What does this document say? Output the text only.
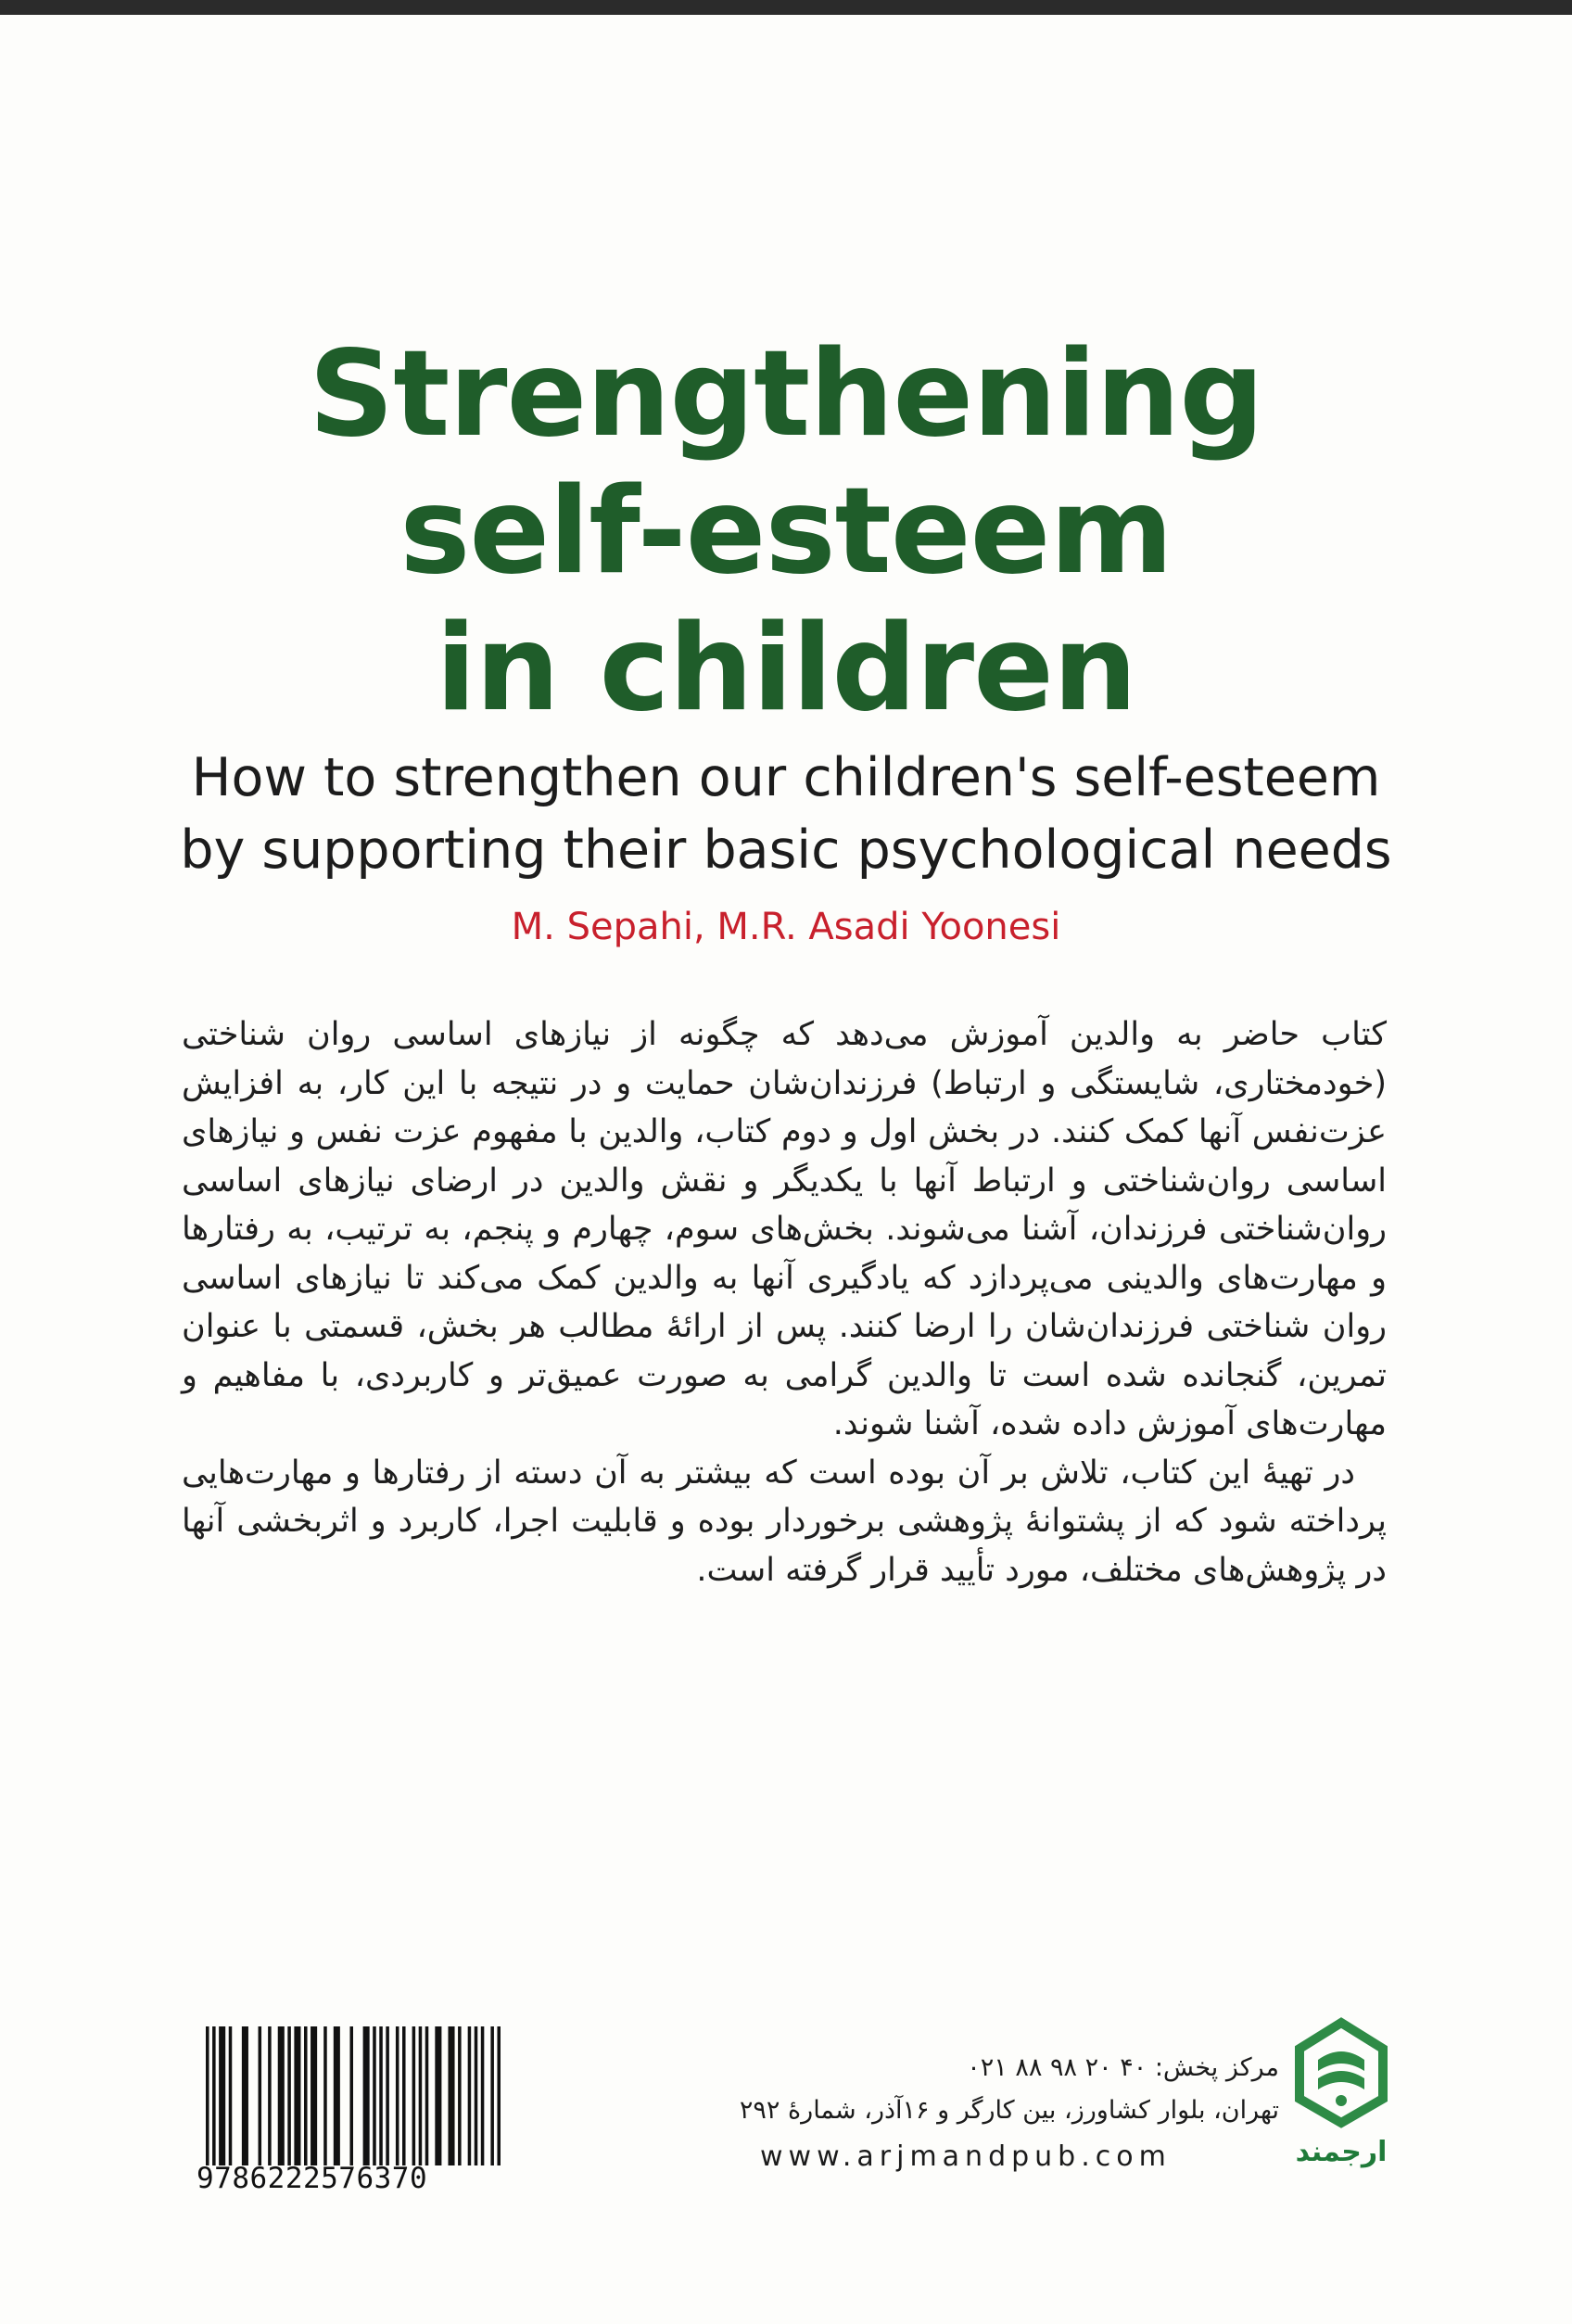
Strengthening
self-esteem
in children
How to strengthen our children's self-esteem
by supporting their basic psychological needs
M. Sepahi, M.R. Asadi Yoonesi

کتاب حاضر به والدین آموزش می‌دهد که چگونه از نیازهای اساسی روان شناختی (خودمختاری، شایستگی و ارتباط) فرزندان‌شان حمایت و در نتیجه با این کار، به افزایش عزت‌نفس آنها کمک کنند. در بخش اول و دوم کتاب، والدین با مفهوم عزت نفس و نیازهای اساسی روان‌شناختی و ارتباط آنها با یکدیگر و نقش والدین در ارضای نیازهای اساسی روان‌شناختی فرزندان، آشنا می‌شوند. بخش‌های سوم، چهارم و پنجم، به ترتیب، به رفتارها و مهارت‌های والدینی می‌پردازد که یادگیری آنها به والدین کمک می‌کند تا نیازهای اساسی روان شناختی فرزندان‌شان را ارضا کنند. پس از ارائهٔ مطالب هر بخش، قسمتی با عنوان تمرین، گنجانده شده است تا والدین گرامی به صورت عمیق‌تر و کاربردی، با مفاهیم و مهارت‌های آموزش داده شده، آشنا شوند.

در تهیهٔ این کتاب، تلاش بر آن بوده است که بیشتر به آن دسته از رفتارها و مهارت‌هایی پرداخته شود که از پشتوانهٔ پژوهشی برخوردار بوده و قابلیت اجرا، کاربرد و اثربخشی آنها در پژوهش‌های مختلف، مورد تأیید قرار گرفته است.

9786222576370
مرکز پخش: ۴۰ ۲۰ ۹۸ ۸۸ ۰۲۱
تهران، بلوار کشاورز، بین کارگر و ۱۶آذر، شمارهٔ ۲۹۲
www.arjmandpub.com	ارجمند
